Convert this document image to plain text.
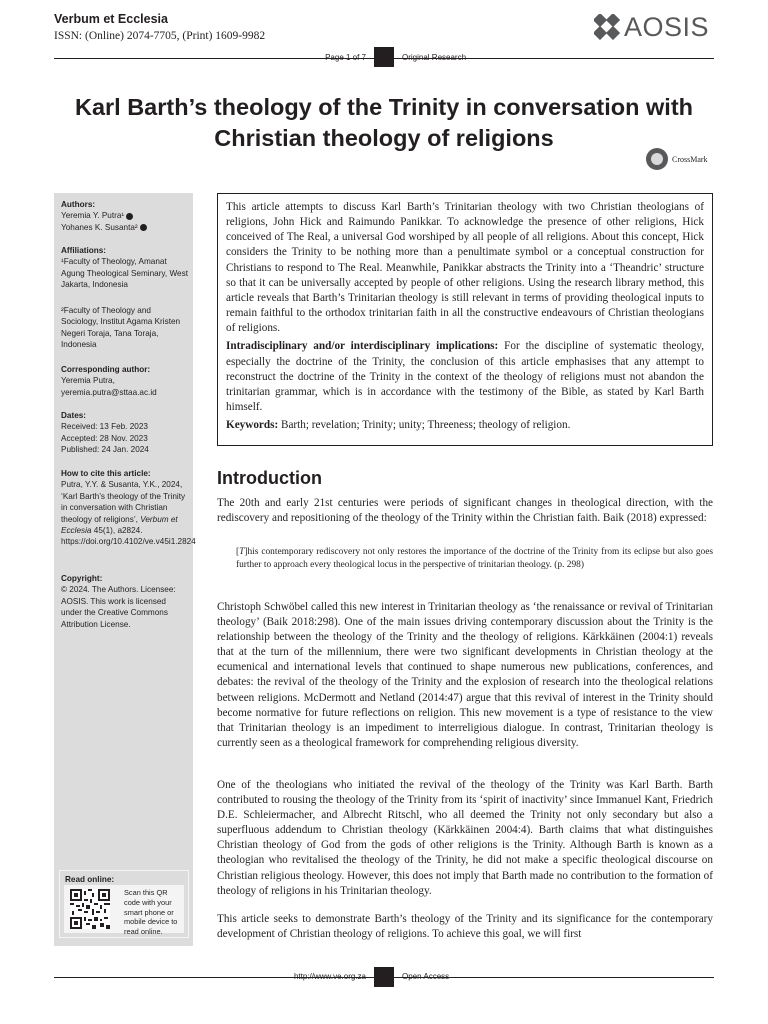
Verbum et Ecclesia
ISSN: (Online) 2074-7705, (Print) 1609-9982	AOSIS
Page 1 of 7	Original Research
Karl Barth’s theology of the Trinity in conversation with Christian theology of religions
CrossMark
Authors:
Yeremia Y. Putra¹
Yohanes K. Susanta²
Affiliations:
¹Faculty of Theology, Amanat Agung Theological Seminary, West Jakarta, Indonesia
²Faculty of Theology and Sociology, Institut Agama Kristen Negeri Toraja, Tana Toraja, Indonesia
Corresponding author:
Yeremia Putra,
yeremia.putra@sttaa.ac.id
Dates:
Received: 13 Feb. 2023
Accepted: 28 Nov. 2023
Published: 24 Jan. 2024
How to cite this article:
Putra, Y.Y. & Susanta, Y.K., 2024, ‘Karl Barth’s theology of the Trinity in conversation with Christian theology of religions’, Verbum et Ecclesia 45(1), a2824. https://doi.org/10.4102/ve.v45i1.2824
Copyright:
© 2024. The Authors. Licensee: AOSIS. This work is licensed under the Creative Commons Attribution License.
Read online:
Scan this QR code with your smart phone or mobile device to read online.

This article attempts to discuss Karl Barth’s Trinitarian theology with two Christian theologians of religions, John Hick and Raimundo Panikkar. To acknowledge the presence of other religions, Hick conceived of The Real, a universal God worshiped by all people of all religions. About this concept, Hick considers the Trinity to be nothing more than a penultimate symbol or a conceptual construction for Christians to respond to The Real. Meanwhile, Panikkar abstracts the Trinity into a ‘Theandric’ structure so that it can be universally accepted by people of other religions. Using the research library method, this article reveals that Barth’s Trinitarian theology is still relevant in terms of providing theological inputs to remain faithful to the orthodox trinitarian faith in all the constructive endeavours of Christian theologians of religions.

Intradisciplinary and/or interdisciplinary implications: For the discipline of systematic theology, especially the doctrine of the Trinity, the conclusion of this article emphasises that any attempt to reconstruct the doctrine of the Trinity in the context of the theology of religions must not abandon the trinitarian grammar, which is in accordance with the testimony of the Bible, as stated by Karl Barth himself.

Keywords: Barth; revelation; Trinity; unity; Threeness; theology of religion.

Introduction

The 20th and early 21st centuries were periods of significant changes in theological direction, with the rediscovery and repositioning of the theology of the Trinity within the Christian faith. Baik (2018) expressed:

[T]his contemporary rediscovery not only restores the importance of the doctrine of the Trinity from its eclipse but also goes further to approach every theological locus in the perspective of trinitarian theology. (p. 298)

Christoph Schwöbel called this new interest in Trinitarian theology as ‘the renaissance or revival of Trinitarian theology’ (Baik 2018:298). One of the main issues driving contemporary discussion about the Trinity is the relationship between the theology of the Trinity and the theology of religions. Kärkkäinen (2004:1) reveals that at the turn of the millennium, there were two significant developments in Christian theology at the ecumenical and international levels that continued to shape numerous new publications, conferences, and debates: the revival of the theology of the Trinity and the explosion of research into the theological relations between religions. McDermott and Netland (2014:47) argue that this revival of interest in the Trinity should become normative for future reflections on religion. This new movement is a type of resistance to the view that Trinitarian theology is an impediment to interreligious dialogue. In contrast, Trinitarian theology is currently seen as a theological framework for comprehending religious diversity.

One of the theologians who initiated the revival of the theology of the Trinity was Karl Barth. Barth contributed to rousing the theology of the Trinity from its ‘spirit of inactivity’ since Immanuel Kant, Friedrich D.E. Schleiermacher, and Albrecht Ritschl, who all deemed the Trinity not only secondary but also a superfluous addendum to Christian theology (Kärkkäinen 2004:4). Barth claims that what distinguishes Christian theology of God from the gods of other religions is the Trinity. Although Barth is known as a theologian who revitalised the theology of the Trinity, he did not make a specific theological discourse on Christian religious theology. However, this does not imply that Barth made no contribution to the formation of theology of religions in his Trinitarian theology.

This article seeks to demonstrate Barth’s theology of the Trinity and its significance for the contemporary development of Christian theology of religions. To achieve this goal, we will first

http://www.ve.org.za	Open Access
